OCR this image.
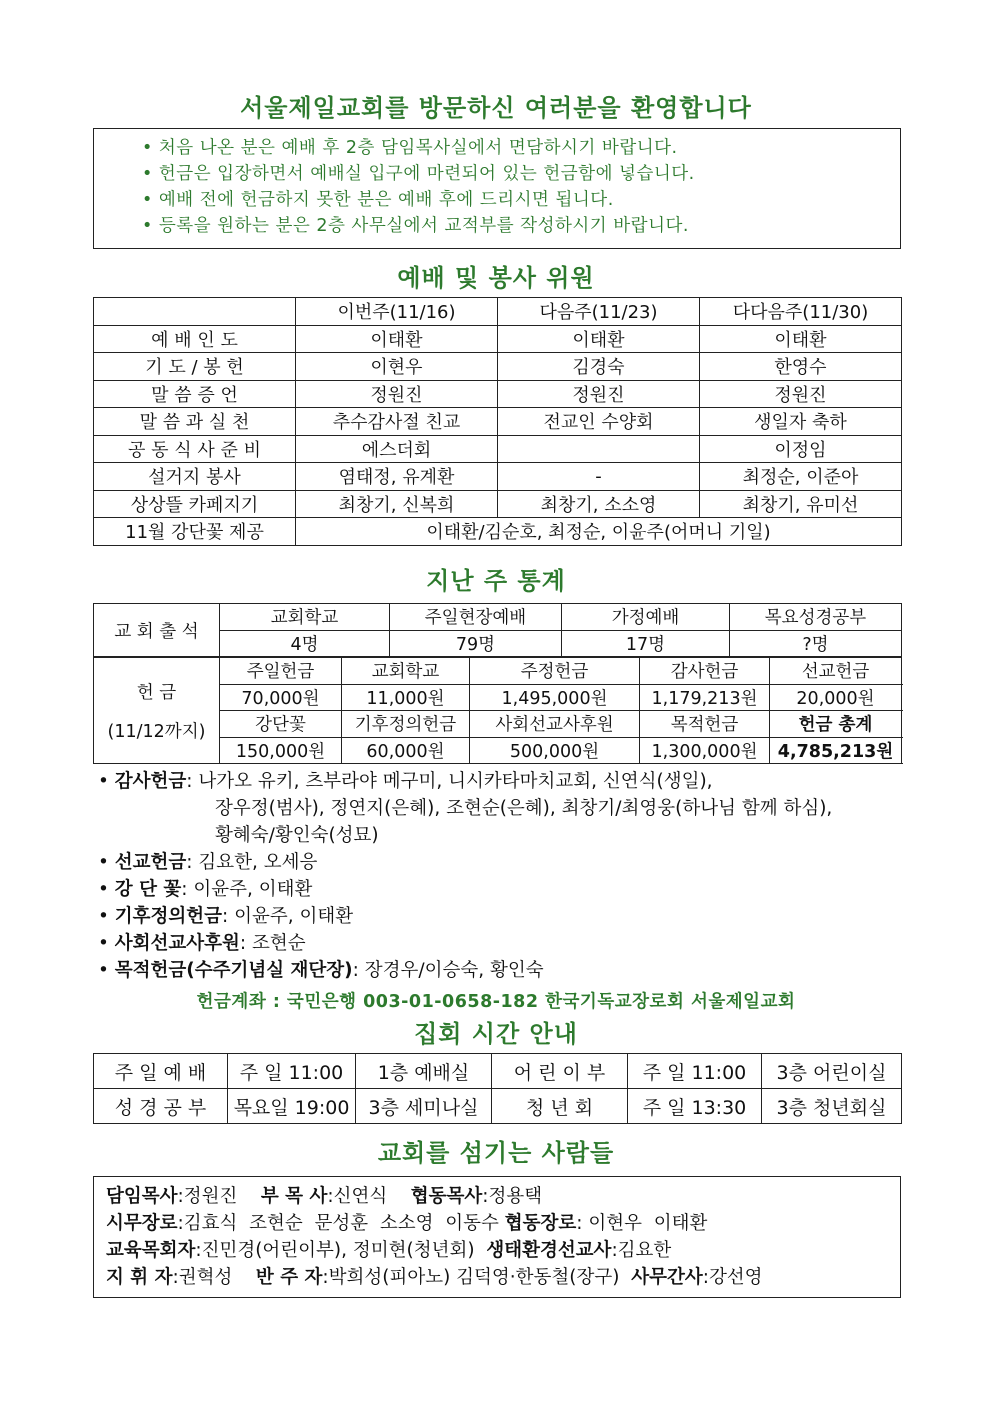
서울제일교회를 방문하신 여러분을 환영합니다
• 처음 나온 분은 예배 후 2층 담임목사실에서 면담하시기 바랍니다.
• 헌금은 입장하면서 예배실 입구에 마련되어 있는 헌금함에 넣습니다.
• 예배 전에 헌금하지 못한 분은 예배 후에 드리시면 됩니다.
• 등록을 원하는 분은 2층 사무실에서 교적부를 작성하시기 바랍니다.
예배 및 봉사 위원
	이번주(11/16)	다음주(11/23)	다다음주(11/30)
예 배 인 도	이태환	이태환	이태환
기 도 / 봉 헌	이현우	김경숙	한영수
말 씀 증 언	정원진	정원진	정원진
말 씀 과 실 천	추수감사절 친교	전교인 수양회	생일자 축하
공 동 식 사 준 비	에스더회		이정임
설거지 봉사	염태정, 유계환	-	최정순, 이준아
상상뜰 카페지기	최창기, 신복희	최창기, 소소영	최창기, 유미선
11월 강단꽃 제공	이태환/김순호, 최정순, 이윤주(어머니 기일)		
지난 주 통계
교 회 출 석	교회학교		주일현장예배		가정예배		목요성경공부	
	4명		79명		17명		?명	

헌 금
(11/12까지)	주일헌금	교회학교		주정헌금		감사헌금		선교헌금
	70,000원	11,000원		1,495,000원		1,179,213원		20,000원
	강단꽃	기후정의헌금		사회선교사후원		목적헌금		헌금 총계
	150,000원	60,000원		500,000원		1,300,000원		4,785,213원
• 감사헌금: 나가오 유키, 츠부라야 메구미, 니시카타마치교회, 신연식(생일),
장우정(범사), 정연지(은혜), 조현순(은혜), 최창기/최영웅(하나님 함께 하심),
황혜숙/황인숙(성묘)
• 선교헌금: 김요한, 오세응
• 강 단 꽃: 이윤주, 이태환
• 기후정의헌금: 이윤주, 이태환
• 사회선교사후원: 조현순
• 목적헌금(수주기념실 재단장): 장경우/이승숙, 황인숙
헌금계좌 : 국민은행 003-01-0658-182 한국기독교장로회 서울제일교회
집회 시간 안내
주 일 예 배	주 일 11:00	1층 예배실	어 린 이 부	주 일 11:00	3층 어린이실
성 경 공 부	목요일 19:00	3층 세미나실	청 년 회	주 일 13:30	3층 청년회실
교회를 섬기는 사람들
담임목사:정원진 부 목 사:신연식 협동목사:정용택
시무장로:김효식  조현순  문성훈  소소영  이동수 협동장로: 이현우  이태환
교육목회자:진민경(어린이부), 정미현(청년회) 생태환경선교사:김요한
지 휘 자:권혁성 반 주 자:박희성(피아노) 김덕영·한동철(장구) 사무간사:강선영
